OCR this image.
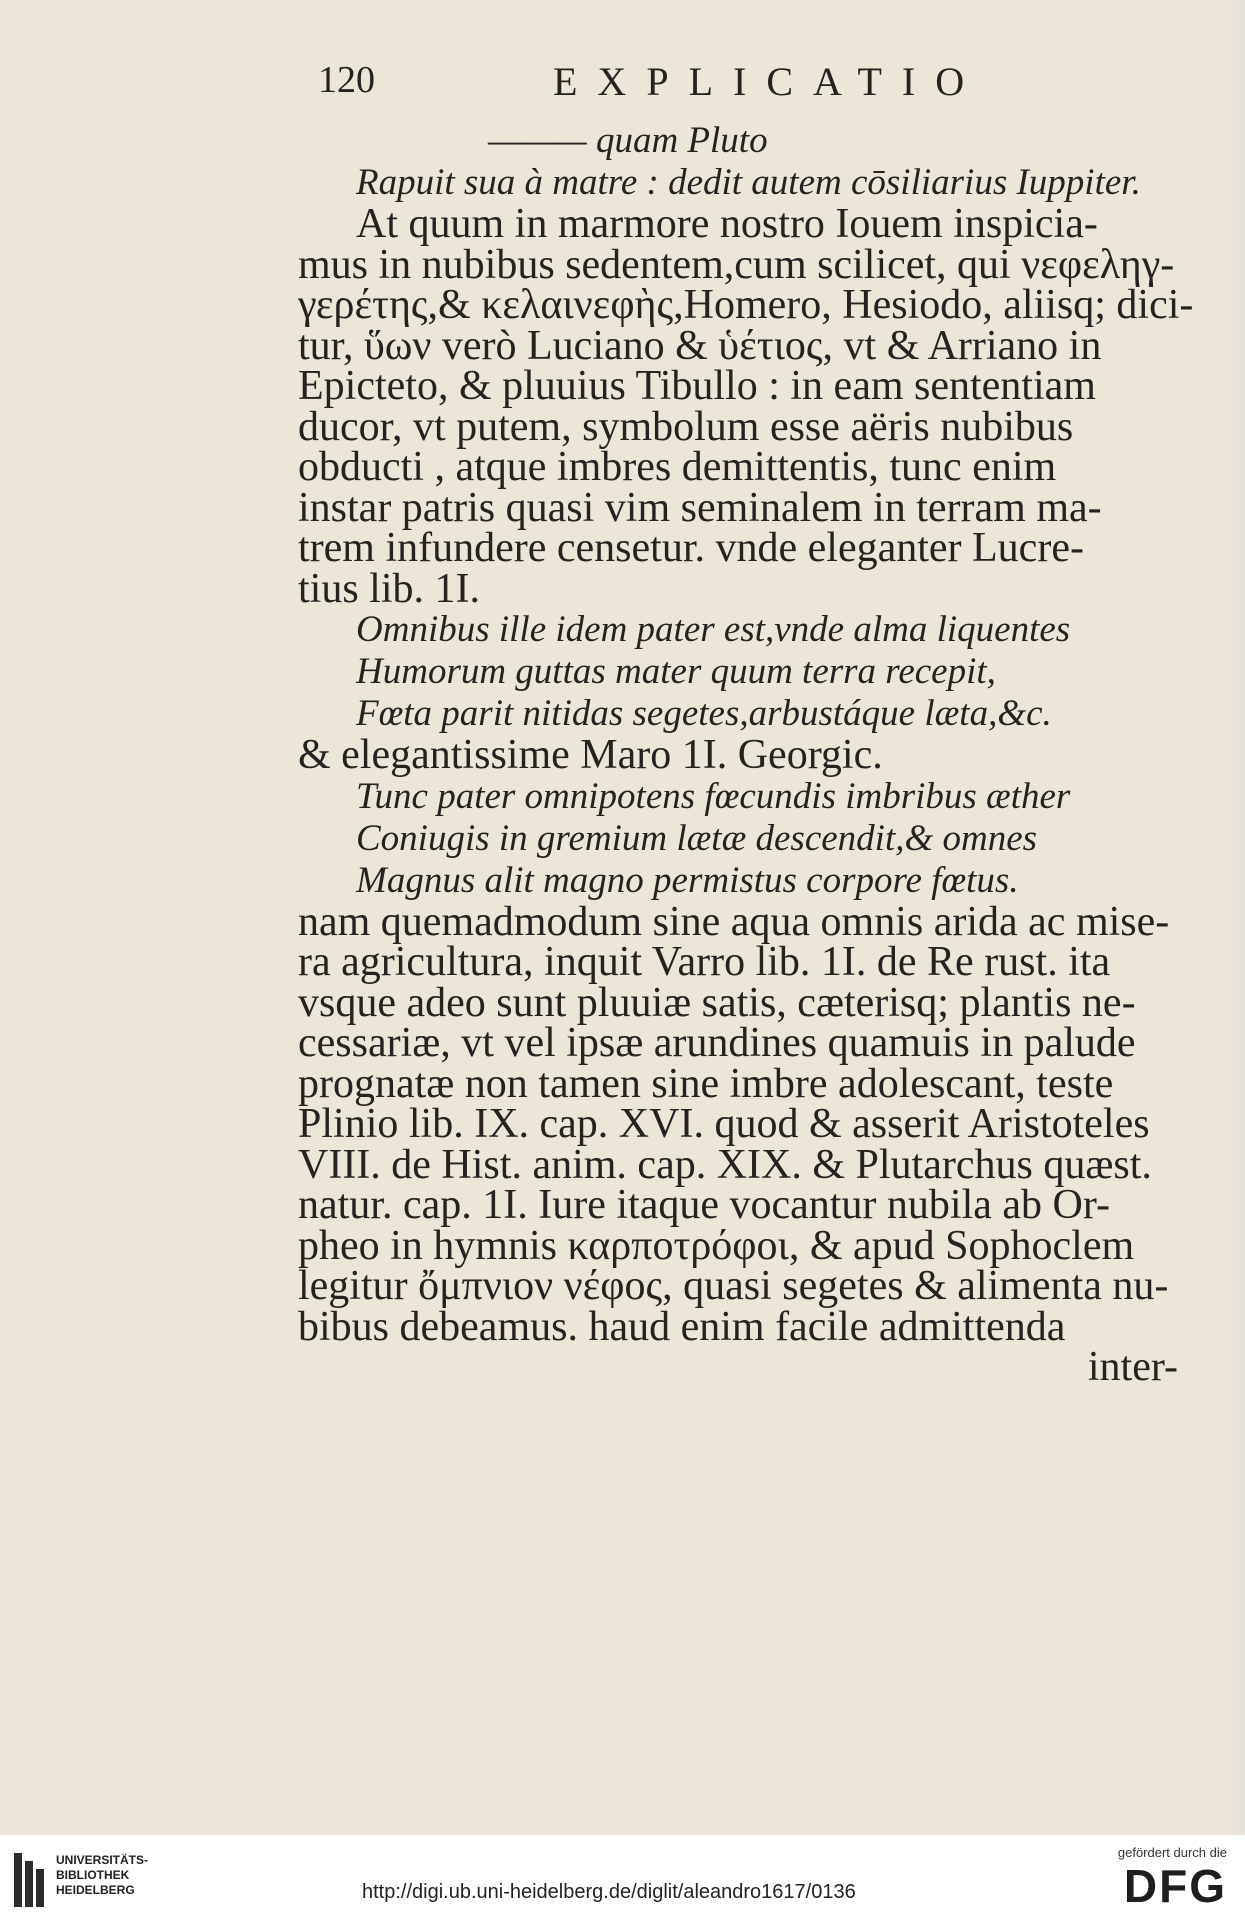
120	EXPLICATIO
——— quam Pluto
Rapuit sua à matre : dedit autem cōsiliarius Iuppiter.
At quum in marmore nostro Iouem inspicia-
mus in nubibus sedentem,cum scilicet, qui νεφεληγ-
γερέτης,& κελαινεφὴς,Homero, Hesiodo, aliisq; dici-
tur, ὕων verò Luciano & ὑέτιος, vt & Arriano in
Epicteto, & pluuius Tibullo : in eam sententiam
ducor, vt putem, symbolum esse aëris nubibus
obducti , atque imbres demittentis, tunc enim
instar patris quasi vim seminalem in terram ma-
trem infundere censetur. vnde eleganter Lucre-
tius lib. 1I.
Omnibus ille idem pater est,vnde alma liquentes
Humorum guttas mater quum terra recepit,
Fœta parit nitidas segetes,arbustáque læta,&c.
& elegantissime Maro 1I. Georgic.
Tunc pater omnipotens fœcundis imbribus æther
Coniugis in gremium lætæ descendit,& omnes
Magnus alit magno permistus corpore fœtus.
nam quemadmodum sine aqua omnis arida ac mise-
ra agricultura, inquit Varro lib. 1I. de Re rust. ita
vsque adeo sunt pluuiæ satis, cæterisq; plantis ne-
cessariæ, vt vel ipsæ arundines quamuis in palude
prognatæ non tamen sine imbre adolescant, teste
Plinio lib. IX. cap. XVI. quod & asserit Aristoteles
VIII. de Hist. anim. cap. XIX. & Plutarchus quæst.
natur. cap. 1I. Iure itaque vocantur nubila ab Or-
pheo in hymnis καρποτρόφοι, & apud Sophoclem
legitur ὄμπνιον νέφος, quasi segetes & alimenta nu-
bibus debeamus. haud enim facile admittenda
inter-
UNIVERSITÄTS-
BIBLIOTHEK
HEIDELBERG	http://digi.ub.uni-heidelberg.de/diglit/aleandro1617/0136
gefördert durch die
DFG
